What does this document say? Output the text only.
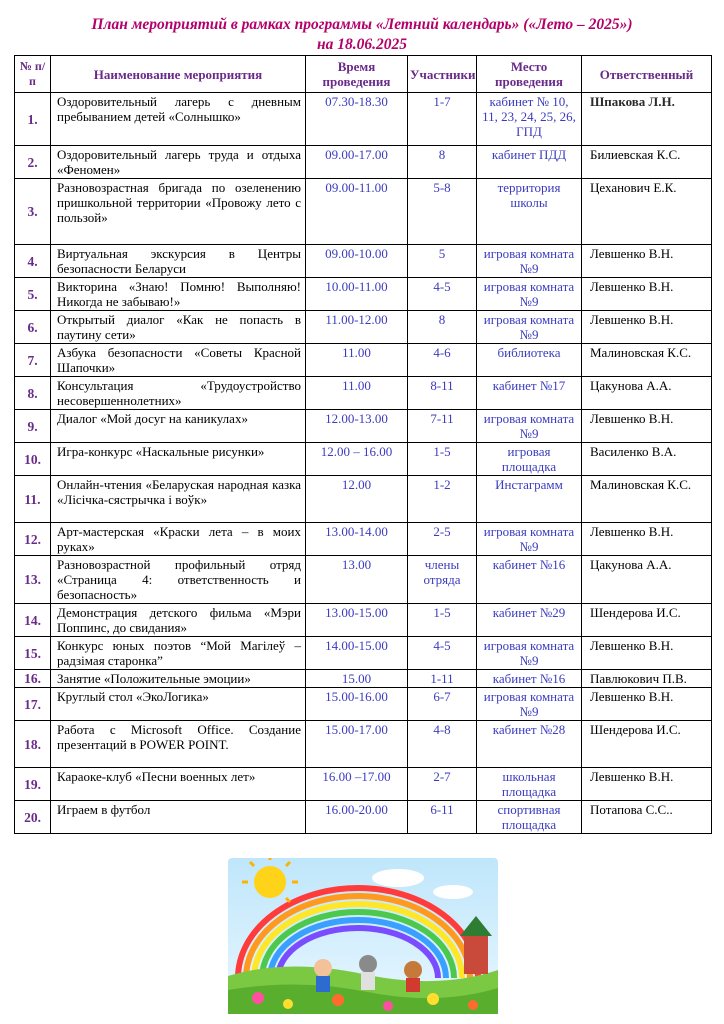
План мероприятий в рамках программы «Летний календарь» («Лето – 2025»)
на 18.06.2025
№ п/п	Наименование мероприятия	Время проведения	Участники	Место проведения	Ответственный
1.	Оздоровительный лагерь с дневным пребыванием детей «Солнышко»	07.30-18.30	1-7	кабинет № 10, 11, 23, 24, 25, 26, ГПД	Шпакова Л.Н.
2.	Оздоровительный лагерь труда и отдыха «Феномен»	09.00-17.00	8	кабинет ПДД	Билиевская К.С.
3.	Разновозрастная бригада по озеленению пришкольной территории «Провожу лето с пользой»	09.00-11.00	5-8	территория школы	Цеханович Е.К.
4.	Виртуальная экскурсия в Центры безопасности Беларуси	09.00-10.00	5	игровая комната №9	Левшенко В.Н.
5.	Викторина «Знаю! Помню! Выполняю! Никогда не забываю!»	10.00-11.00	4-5	игровая комната №9	Левшенко В.Н.
6.	Открытый диалог «Как не попасть в паутину сети»	11.00-12.00	8	игровая комната №9	Левшенко В.Н.
7.	Азбука безопасности «Советы Красной Шапочки»	11.00	4-6	библиотека	Малиновская К.С.
8.	Консультация «Трудоустройство несовершеннолетних»	11.00	8-11	кабинет №17	Цакунова А.А.
9.	Диалог «Мой досуг на каникулах»	12.00-13.00	7-11	игровая комната №9	Левшенко В.Н.
10.	Игра-конкурс «Наскальные рисунки»	12.00 – 16.00	1-5	игровая площадка	Василенко В.А.
11.	Онлайн-чтения «Беларуская народная казка «Лісічка-сястрычка і воўк»	12.00	1-2	Инстаграмм	Малиновская К.С.
12.	Арт-мастерская «Краски лета – в моих руках»	13.00-14.00	2-5	игровая комната №9	Левшенко В.Н.
13.	Разновозрастной профильный отряд «Страница 4: ответственность и безопасность»	13.00	члены отряда	кабинет №16	Цакунова А.А.
14.	Демонстрация детского фильма «Мэри Поппинс, до свидания»	13.00-15.00	1-5	кабинет №29	Шендерова И.С.
15.	Конкурс юных поэтов “Мой Магілеў – радзімая старонка”	14.00-15.00	4-5	игровая комната №9	Левшенко В.Н.
16.	Занятие «Положительные эмоции»	15.00	1-11	кабинет №16	Павлюкович П.В.
17.	Круглый стол «ЭкоЛогика»	15.00-16.00	6-7	игровая комната №9	Левшенко В.Н.
18.	Работа с Microsoft Office. Создание презентаций в POWER POINT.	15.00-17.00	4-8	кабинет №28	Шендерова И.С.
19.	Караоке-клуб «Песни военных лет»	16.00 –17.00	2-7	школьная площадка	Левшенко В.Н.
20.	Играем в футбол	16.00-20.00	6-11	спортивная площадка	Потапова С.С..
